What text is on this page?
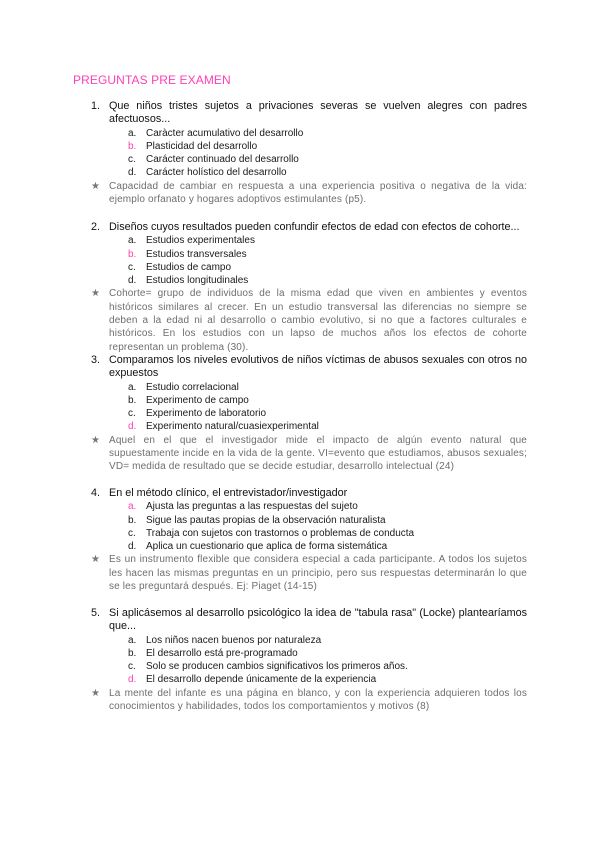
PREGUNTAS PRE EXAMEN
1. Que niños tristes sujetos a privaciones severas se vuelven alegres con padres afectuosos...
a. Caràcter acumulativo del desarrollo
b. Plasticidad del desarrollo
c. Carácter continuado del desarrollo
d. Carácter holístico del desarrollo
★ Capacidad de cambiar en respuesta a una experiencia positiva o negativa de la vida: ejemplo orfanato y hogares adoptivos estimulantes (p5).
2. Diseños cuyos resultados pueden confundir efectos de edad con efectos de cohorte...
a. Estudios experimentales
b. Estudios transversales
c. Estudios de campo
d. Estudios longitudinales
★ Cohorte= grupo de individuos de la misma edad que viven en ambientes y eventos históricos similares al crecer. En un estudio transversal las diferencias no siempre se deben a la edad ni al desarrollo o cambio evolutivo, si no que a factores culturales e históricos. En los estudios con un lapso de muchos años los efectos de cohorte representan un problema (30).
3. Comparamos los niveles evolutivos de niños víctimas de abusos sexuales con otros no expuestos
a. Estudio correlacional
b. Experimento de campo
c. Experimento de laboratorio
d. Experimento natural/cuasiexperimental
★ Aquel en el que el investigador mide el impacto de algún evento natural que supuestamente incide en la vida de la gente. VI=evento que estudiamos, abusos sexuales; VD= medida de resultado que se decide estudiar, desarrollo intelectual (24)
4. En el método clínico, el entrevistador/investigador
a. Ajusta las preguntas a las respuestas del sujeto
b. Sigue las pautas propias de la observación naturalista
c. Trabaja con sujetos con trastornos o problemas de conducta
d. Aplica un cuestionario que aplica de forma sistemática
★ Es un instrumento flexible que considera especial a cada participante. A todos los sujetos les hacen las mismas preguntas en un principio, pero sus respuestas determinarán lo que se les preguntará después. Ej: Piaget (14-15)
5. Si aplicásemos al desarrollo psicológico la idea de "tabula rasa" (Locke) plantearíamos que...
a. Los niños nacen buenos por naturaleza
b. El desarrollo está pre-programado
c. Solo se producen cambios significativos los primeros años.
d. El desarrollo depende únicamente de la experiencia
★ La mente del infante es una página en blanco, y con la experiencia adquieren todos los conocimientos y habilidades, todos los comportamientos y motivos (8)
